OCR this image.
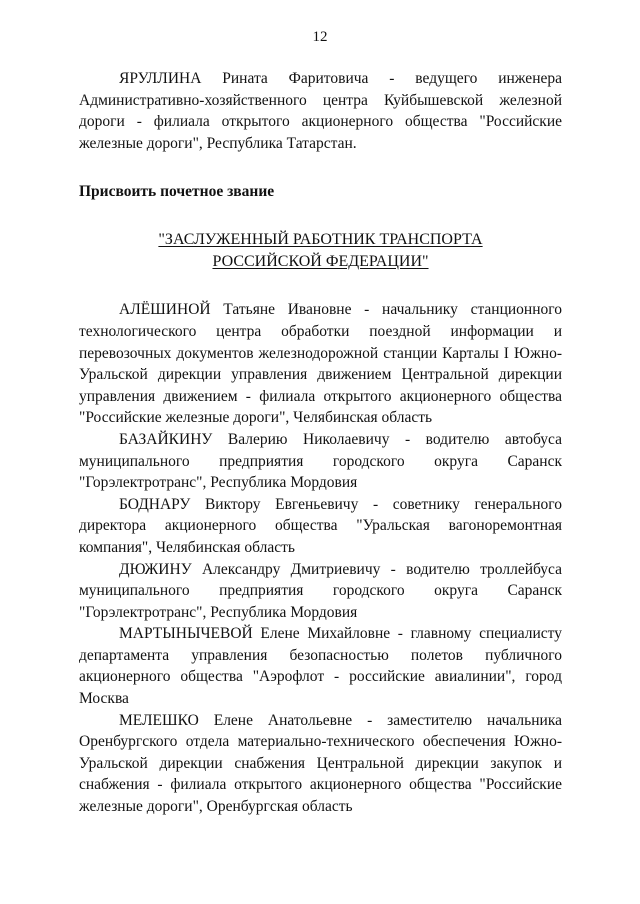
12

ЯРУЛЛИНА Рината Фаритовича - ведущего инженера Административно-хозяйственного центра Куйбышевской железной дороги - филиала открытого акционерного общества "Российские железные дороги", Республика Татарстан.

Присвоить почетное звание

"ЗАСЛУЖЕННЫЙ РАБОТНИК ТРАНСПОРТА
РОССИЙСКОЙ ФЕДЕРАЦИИ"

АЛЁШИНОЙ Татьяне Ивановне - начальнику станционного технологического центра обработки поездной информации и перевозочных документов железнодорожной станции Карталы I Южно-Уральской дирекции управления движением Центральной дирекции управления движением - филиала открытого акционерного общества "Российские железные дороги", Челябинская область

БАЗАЙКИНУ Валерию Николаевичу - водителю автобуса муниципального предприятия городского округа Саранск "Горэлектротранс", Республика Мордовия

БОДНАРУ Виктору Евгеньевичу - советнику генерального директора акционерного общества "Уральская вагоноремонтная компания", Челябинская область

ДЮЖИНУ Александру Дмитриевичу - водителю троллейбуса муниципального предприятия городского округа Саранск "Горэлектротранс", Республика Мордовия

МАРТЫНЫЧЕВОЙ Елене Михайловне - главному специалисту департамента управления безопасностью полетов публичного акционерного общества "Аэрофлот - российские авиалинии", город Москва

МЕЛЕШКО Елене Анатольевне - заместителю начальника Оренбургского отдела материально-технического обеспечения Южно-Уральской дирекции снабжения Центральной дирекции закупок и снабжения - филиала открытого акционерного общества "Российские железные дороги", Оренбургская область
